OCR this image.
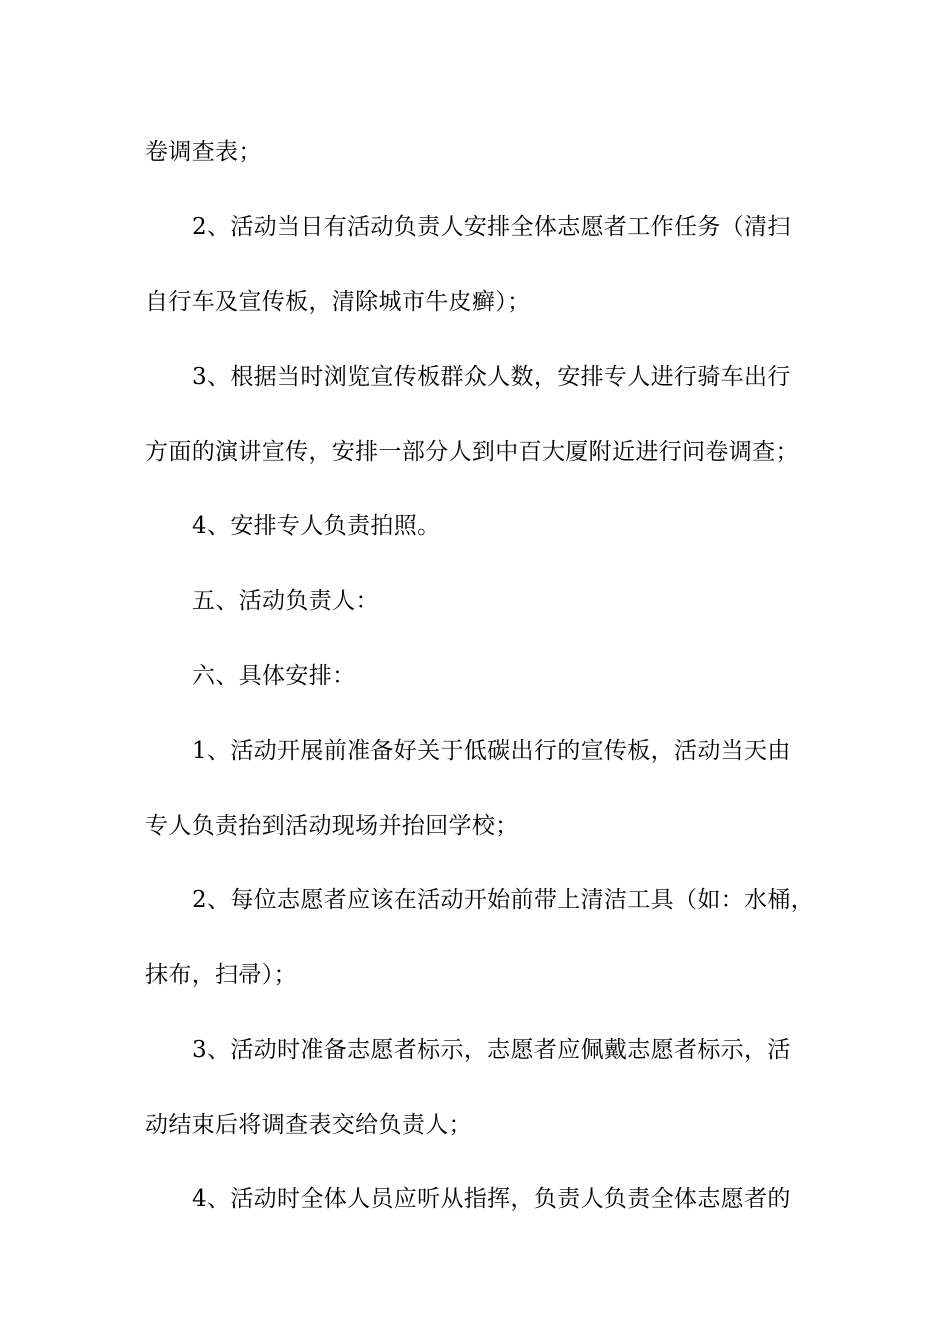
卷调查表；
2、活动当日有活动负责人安排全体志愿者工作任务（清扫
自行车及宣传板，清除城市牛皮癣）；
3、根据当时浏览宣传板群众人数，安排专人进行骑车出行
方面的演讲宣传，安排一部分人到中百大厦附近进行问卷调查；
4、安排专人负责拍照。
五、活动负责人：
六、具体安排：
1、活动开展前准备好关于低碳出行的宣传板，活动当天由
专人负责抬到活动现场并抬回学校；
2、每位志愿者应该在活动开始前带上清洁工具（如：水桶，
抹布，扫帚）；
3、活动时准备志愿者标示，志愿者应佩戴志愿者标示，活
动结束后将调查表交给负责人；
4、活动时全体人员应听从指挥，负责人负责全体志愿者的
